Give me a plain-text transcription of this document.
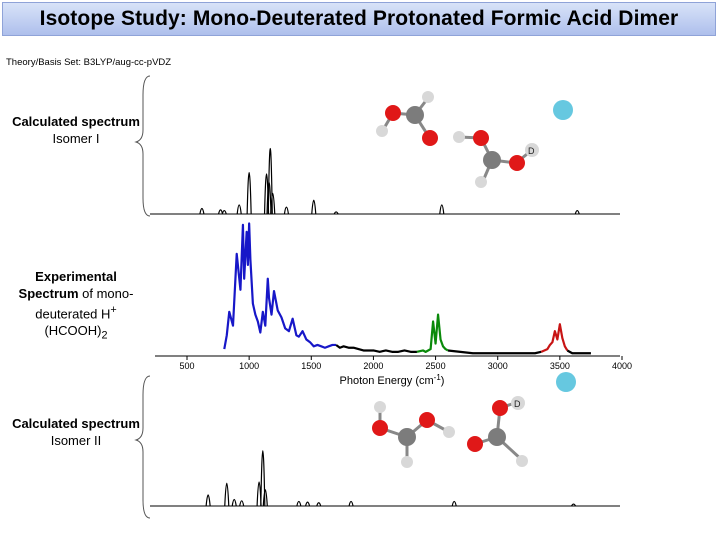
Isotope Study: Mono-Deuterated Protonated Formic Acid Dimer
Theory/Basis Set: B3LYP/aug-cc-pVDZ
Calculated spectrum Isomer I
Experimental Spectrum of mono-deuterated $H^+(HCOOH)_2$
Calculated spectrum Isomer II
500	1000	1500	2000	2500	3000	3500	4000
Photon Energy $(cm^{-1})$
D
D
